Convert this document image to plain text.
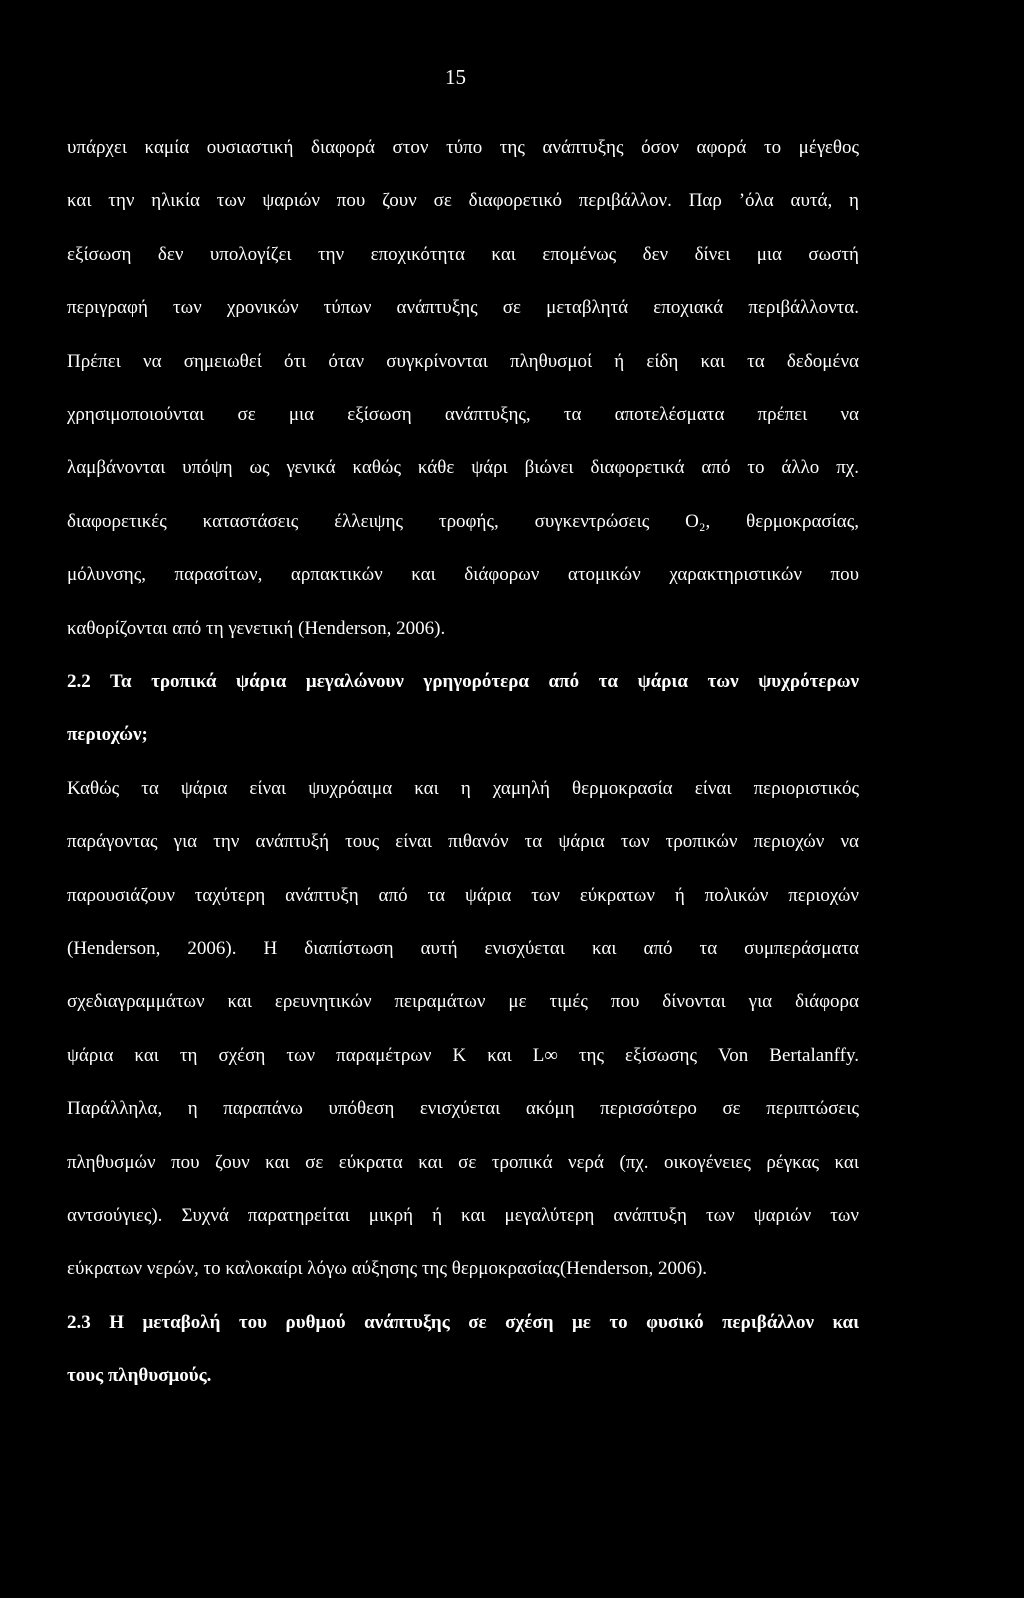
15
υπάρχει καμία ουσιαστική διαφορά στον τύπο της ανάπτυξης όσον αφορά το μέγεθος
και την ηλικία των ψαριών που ζουν σε διαφορετικό περιβάλλον. Παρ ’όλα αυτά, η
εξίσωση δεν υπολογίζει την εποχικότητα και επομένως δεν δίνει μια σωστή
περιγραφή των χρονικών τύπων ανάπτυξης σε μεταβλητά εποχιακά περιβάλλοντα.
Πρέπει να σημειωθεί ότι όταν συγκρίνονται πληθυσμοί ή είδη και τα δεδομένα
χρησιμοποιούνται σε μια εξίσωση ανάπτυξης, τα αποτελέσματα πρέπει να
λαμβάνονται υπόψη ως γενικά καθώς κάθε ψάρι βιώνει διαφορετικά από το άλλο πχ.
διαφορετικές καταστάσεις έλλειψης τροφής, συγκεντρώσεις O₂, θερμοκρασίας,
μόλυνσης, παρασίτων, αρπακτικών και διάφορων ατομικών χαρακτηριστικών που
καθορίζονται από τη γενετική (Henderson, 2006).
2.2 Τα τροπικά ψάρια μεγαλώνουν γρηγορότερα από τα ψάρια των ψυχρότερων
περιοχών;
Καθώς τα ψάρια είναι ψυχρόαιμα και η χαμηλή θερμοκρασία είναι περιοριστικός
παράγοντας για την ανάπτυξή τους είναι πιθανόν τα ψάρια των τροπικών περιοχών να
παρουσιάζουν ταχύτερη ανάπτυξη από τα ψάρια των εύκρατων ή πολικών περιοχών
(Henderson, 2006). Η διαπίστωση αυτή ενισχύεται και από τα συμπεράσματα
σχεδιαγραμμάτων και ερευνητικών πειραμάτων με τιμές που δίνονται για διάφορα
ψάρια και τη σχέση των παραμέτρων K και L∞ της εξίσωσης Von Bertalanffy.
Παράλληλα, η παραπάνω υπόθεση ενισχύεται ακόμη περισσότερο σε περιπτώσεις
πληθυσμών που ζουν και σε εύκρατα και σε τροπικά νερά (πχ. οικογένειες ρέγκας και
αντσούγιες). Συχνά παρατηρείται μικρή ή και μεγαλύτερη ανάπτυξη των ψαριών των
εύκρατων νερών, το καλοκαίρι λόγω αύξησης της θερμοκρασίας(Henderson, 2006).
2.3 Η μεταβολή του ρυθμού ανάπτυξης σε σχέση με το φυσικό περιβάλλον και
τους πληθυσμούς.
